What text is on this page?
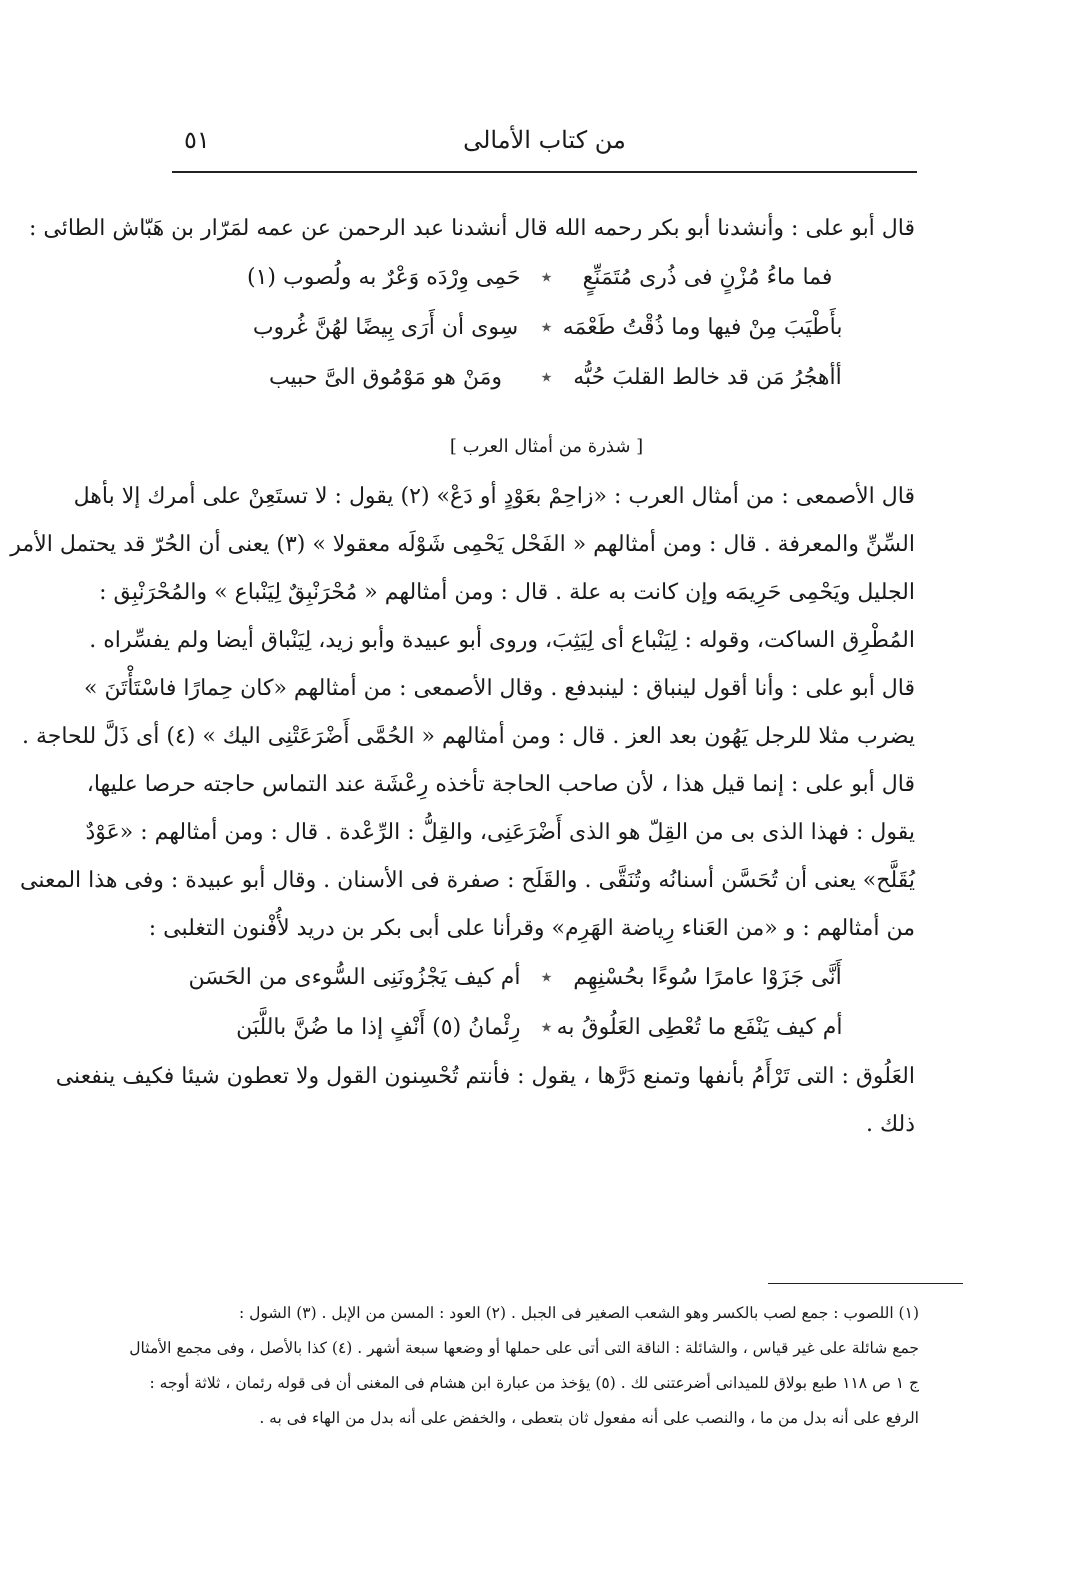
من كتاب الأمالى
٥١
قال أبو على : وأنشدنا أبو بكر رحمه الله قال أنشدنا عبد الرحمن عن عمه لمَرّار بن هَبّاش الطائى :
فما ماءُ مُزْنٍ فى ذُرى مُتَمَنِّعٍ
٭
حَمِى وِرْدَه وَعْرٌ به ولُصوب (١)
بأَطْيَبَ مِنْ فيها وما ذُقْتُ طَعْمَه
٭
سِوى أن أَرَى بِيضًا لهُنَّ غُروب
أأهجُرُ مَن قد خالط القلبَ حُبُّه
٭
ومَنْ هو مَوْمُوق الىَّ حبيب
[ شذرة من أمثال العرب ]
قال الأصمعى : من أمثال العرب : «زاحِمْ بعَوْدٍ أو دَعْ» (٢) يقول : لا تستَعِنْ على أمرك إلا بأهل
السِّنِّ والمعرفة . قال : ومن أمثالهم « الفَحْل يَحْمِى شَوْلَه معقولا » (٣) يعنى أن الحُرّ قد يحتمل الأمر
الجليل ويَحْمِى حَرِيمَه وإن كانت به علة . قال : ومن أمثالهم « مُحْرَنْبِقٌ لِيَنْباع » والمُحْرَنْبِق :
المُطْرِق الساكت، وقوله : لِيَنْباع أى لِيَثِبَ، وروى أبو عبيدة وأبو زيد، لِيَنْباق أيضا ولم يفسِّراه .
قال أبو على : وأنا أقول لينباق : لينبدفع . وقال الأصمعى : من أمثالهم «كان حِمارًا فاسْتَأْتَنَ »
يضرب مثلا للرجل يَهُون بعد العز . قال : ومن أمثالهم « الحُمَّى أَضْرَعَتْنِى اليك » (٤) أى ذَلَّ للحاجة .
قال أبو على : إنما قيل هذا ، لأن صاحب الحاجة تأخذه رِعْشَة عند التماس حاجته حرصا عليها،
يقول : فهذا الذى بى من القِلّ هو الذى أَضْرَعَنِى، والقِلُّ : الرِّعْدة . قال : ومن أمثالهم : «عَوْدٌ
يُقَلَّح» يعنى أن تُحَسَّن أسنانُه وتُنَقَّى . والقَلَح : صفرة فى الأسنان . وقال أبو عبيدة : وفى هذا المعنى
من أمثالهم : و «من العَناء رِياضة الهَرِم» وقرأنا على أبى بكر بن دريد لأُفْنون التغلبى :
أَنَّى جَزَوْا عامرًا سُوءًا بحُسْنِهِم
٭
أم كيف يَجْزُونَنِى السُّوءى من الحَسَن
أم كيف يَنْفَع ما تُعْطِى العَلُوقُ به
٭
رِئْمانُ (٥) أَنْفٍ إذا ما ضُنَّ باللَّبَن
العَلُوق : التى تَرْأَمُ بأنفها وتمنع دَرَّها ، يقول : فأنتم تُحْسِنون القول ولا تعطون شيئا فكيف ينفعنى
ذلك .
(١) اللصوب : جمع لصب بالكسر وهو الشعب الصغير فى الجبل . (٢) العود : المسن من الإبل . (٣) الشول :
جمع شائلة على غير قياس ، والشائلة : الناقة التى أتى على حملها أو وضعها سبعة أشهر . (٤) كذا بالأصل ، وفى مجمع الأمثال
ج ١ ص ١١٨ طبع بولاق للميدانى أضرعتنى لك . (٥) يؤخذ من عبارة ابن هشام فى المغنى أن فى قوله رئمان ، ثلاثة أوجه :
الرفع على أنه بدل من ما ، والنصب على أنه مفعول ثان بتعطى ، والخفض على أنه بدل من الهاء فى به .
